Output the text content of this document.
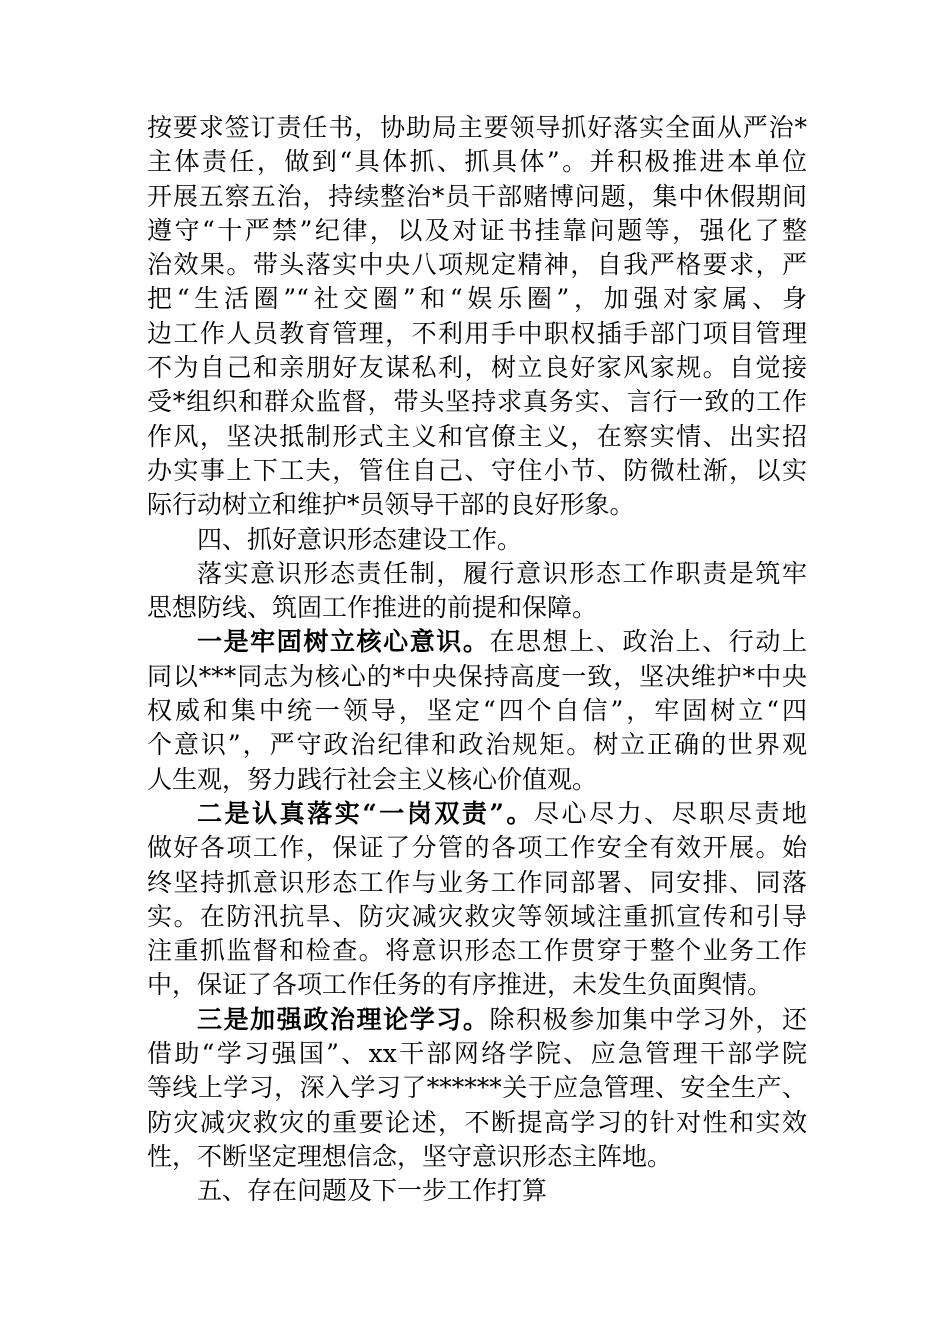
按要求签订责任书，协助局主要领导抓好落实全面从严治*
主体责任，做到“具体抓、抓具体”。并积极推进本单位
开展五察五治，持续整治*员干部赌博问题，集中休假期间
遵守“十严禁”纪律，以及对证书挂靠问题等，强化了整
治效果。带头落实中央八项规定精神，自我严格要求，严
把“生活圈”“社交圈”和“娱乐圈”，加强对家属、身
边工作人员教育管理，不利用手中职权插手部门项目管理
不为自己和亲朋好友谋私利，树立良好家风家规。自觉接
受*组织和群众监督，带头坚持求真务实、言行一致的工作
作风，坚决抵制形式主义和官僚主义，在察实情、出实招
办实事上下工夫，管住自己、守住小节、防微杜渐，以实
际行动树立和维护*员领导干部的良好形象。
四、抓好意识形态建设工作。
落实意识形态责任制，履行意识形态工作职责是筑牢
思想防线、筑固工作推进的前提和保障。
一是牢固树立核心意识。在思想上、政治上、行动上
同以***同志为核心的*中央保持高度一致，坚决维护*中央
权威和集中统一领导，坚定“四个自信”，牢固树立“四
个意识”，严守政治纪律和政治规矩。树立正确的世界观
人生观，努力践行社会主义核心价值观。
二是认真落实“一岗双责”。尽心尽力、尽职尽责地
做好各项工作，保证了分管的各项工作安全有效开展。始
终坚持抓意识形态工作与业务工作同部署、同安排、同落
实。在防汛抗旱、防灾减灾救灾等领域注重抓宣传和引导
注重抓监督和检查。将意识形态工作贯穿于整个业务工作
中，保证了各项工作任务的有序推进，未发生负面舆情。
三是加强政治理论学习。除积极参加集中学习外，还
借助“学习强国”、xx干部网络学院、应急管理干部学院
等线上学习，深入学习了******关于应急管理、安全生产、
防灾减灾救灾的重要论述，不断提高学习的针对性和实效
性，不断坚定理想信念，坚守意识形态主阵地。
五、存在问题及下一步工作打算
